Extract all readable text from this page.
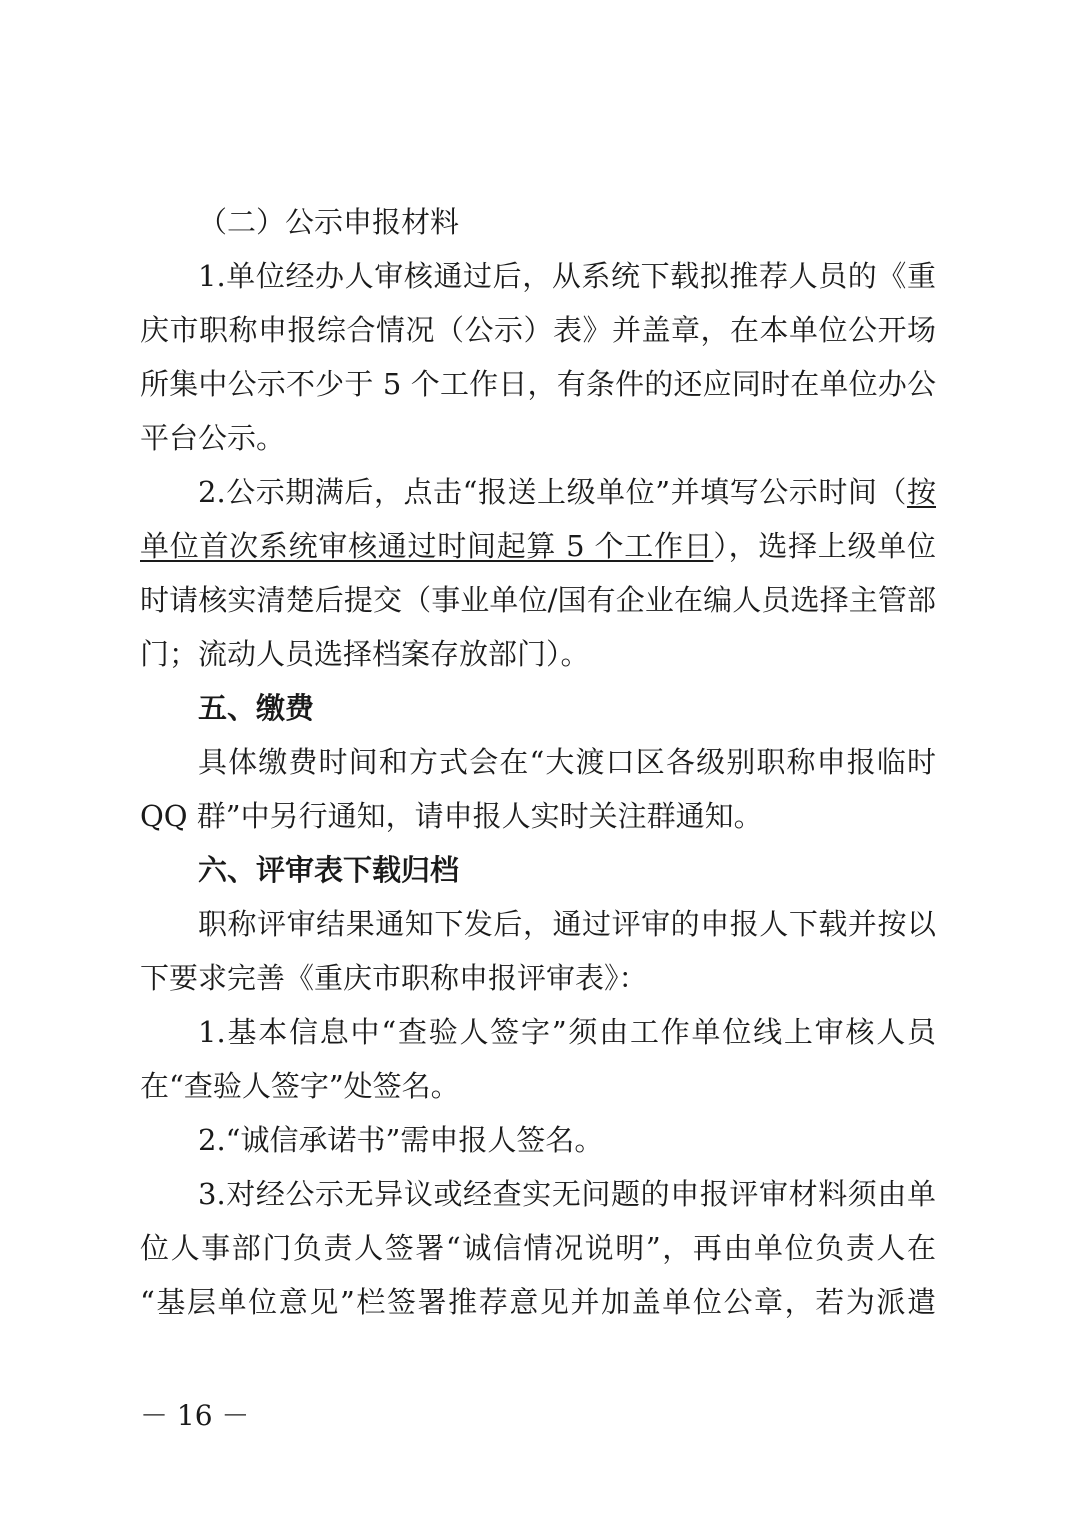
（二）公示申报材料
1.单位经办人审核通过后，从系统下载拟推荐人员的《重
庆市职称申报综合情况（公示）表》并盖章，在本单位公开场
所集中公示不少于 5 个工作日，有条件的还应同时在单位办公
平台公示。
2.公示期满后，点击“报送上级单位”并填写公示时间（按
单位首次系统审核通过时间起算 5 个工作日），选择上级单位
时请核实清楚后提交（事业单位/国有企业在编人员选择主管部
门；流动人员选择档案存放部门）。
五、缴费
具体缴费时间和方式会在“大渡口区各级别职称申报临时
QQ 群”中另行通知，请申报人实时关注群通知。
六、评审表下载归档
职称评审结果通知下发后，通过评审的申报人下载并按以
下要求完善《重庆市职称申报评审表》：
1.基本信息中“查验人签字”须由工作单位线上审核人员
在“查验人签字”处签名。
2.“诚信承诺书”需申报人签名。
3.对经公示无异议或经查实无问题的申报评审材料须由单
位人事部门负责人签署“诚信情况说明”，再由单位负责人在
“基层单位意见”栏签署推荐意见并加盖单位公章，若为派遣
－ 16 －
